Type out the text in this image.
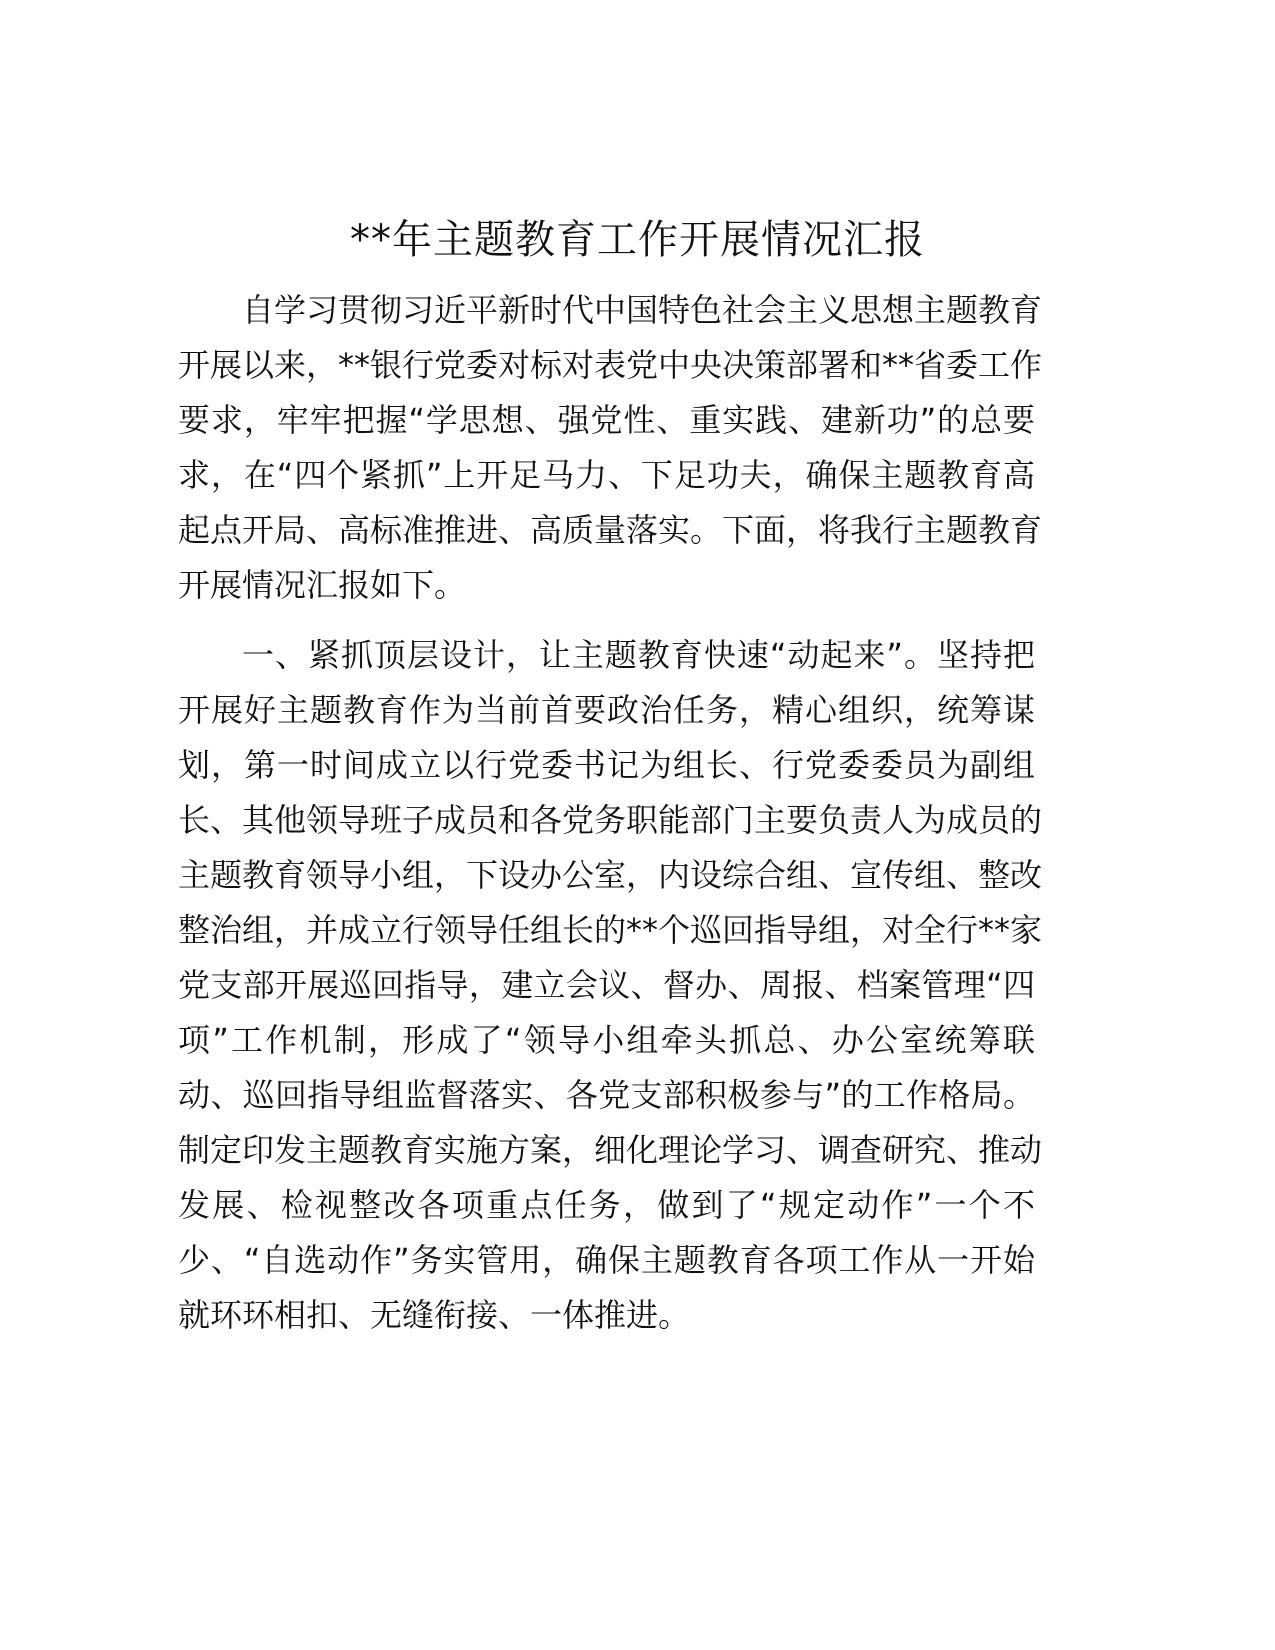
**年主题教育工作开展情况汇报
自学习贯彻习近平新时代中国特色社会主义思想主题教育
开展以来，**银行党委对标对表党中央决策部署和**省委工作
要求，牢牢把握“学思想、强党性、重实践、建新功”的总要
求，在“四个紧抓”上开足马力、下足功夫，确保主题教育高
起点开局、高标准推进、高质量落实。下面，将我行主题教育
开展情况汇报如下。
一、紧抓顶层设计，让主题教育快速“动起来”。坚持把
开展好主题教育作为当前首要政治任务，精心组织，统筹谋
划，第一时间成立以行党委书记为组长、行党委委员为副组
长、其他领导班子成员和各党务职能部门主要负责人为成员的
主题教育领导小组，下设办公室，内设综合组、宣传组、整改
整治组，并成立行领导任组长的**个巡回指导组，对全行**家
党支部开展巡回指导，建立会议、督办、周报、档案管理“四
项”工作机制，形成了“领导小组牵头抓总、办公室统筹联
动、巡回指导组监督落实、各党支部积极参与”的工作格局。
制定印发主题教育实施方案，细化理论学习、调查研究、推动
发展、检视整改各项重点任务，做到了“规定动作”一个不
少、“自选动作”务实管用，确保主题教育各项工作从一开始
就环环相扣、无缝衔接、一体推进。
